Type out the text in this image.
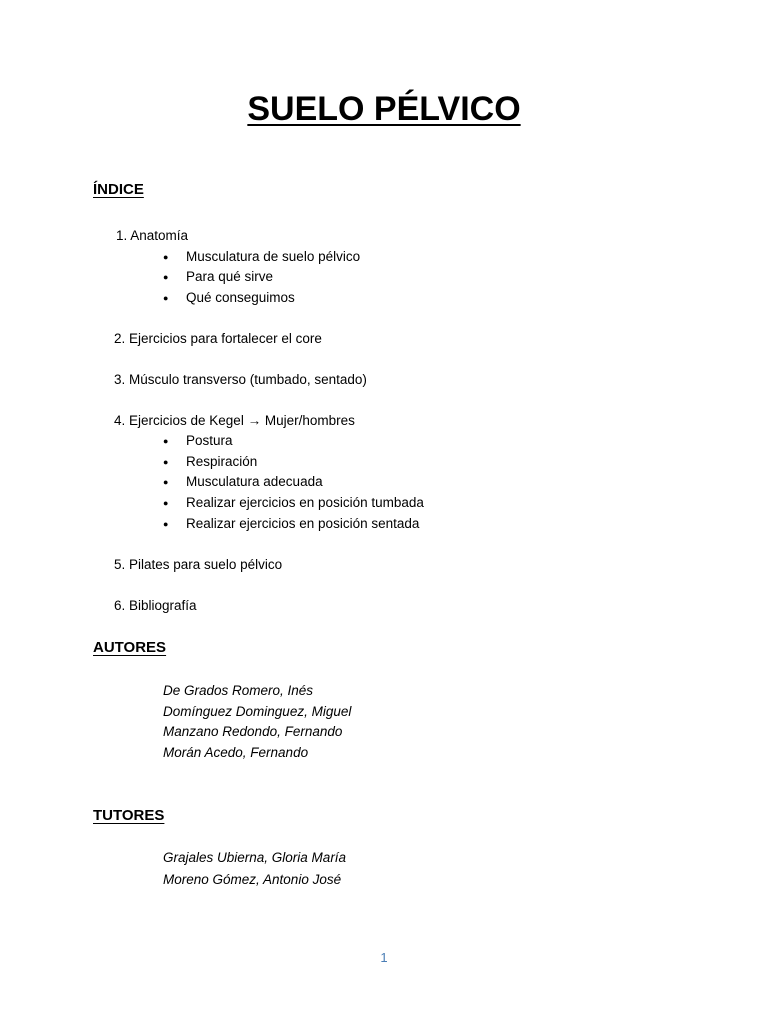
SUELO PÉLVICO
ÍNDICE
1. Anatomía
● Musculatura de suelo pélvico
● Para qué sirve
● Qué conseguimos
2. Ejercicios para fortalecer el core
3. Músculo transverso (tumbado, sentado)
4. Ejercicios de Kegel → Mujer/hombres
● Postura
● Respiración
● Musculatura adecuada
● Realizar ejercicios en posición tumbada
● Realizar ejercicios en posición sentada
5. Pilates para suelo pélvico
6. Bibliografía
AUTORES
De Grados Romero, Inés
Domínguez Dominguez, Miguel
Manzano Redondo, Fernando
Morán Acedo, Fernando
TUTORES
Grajales Ubierna, Gloria María
Moreno Gómez, Antonio José
1
